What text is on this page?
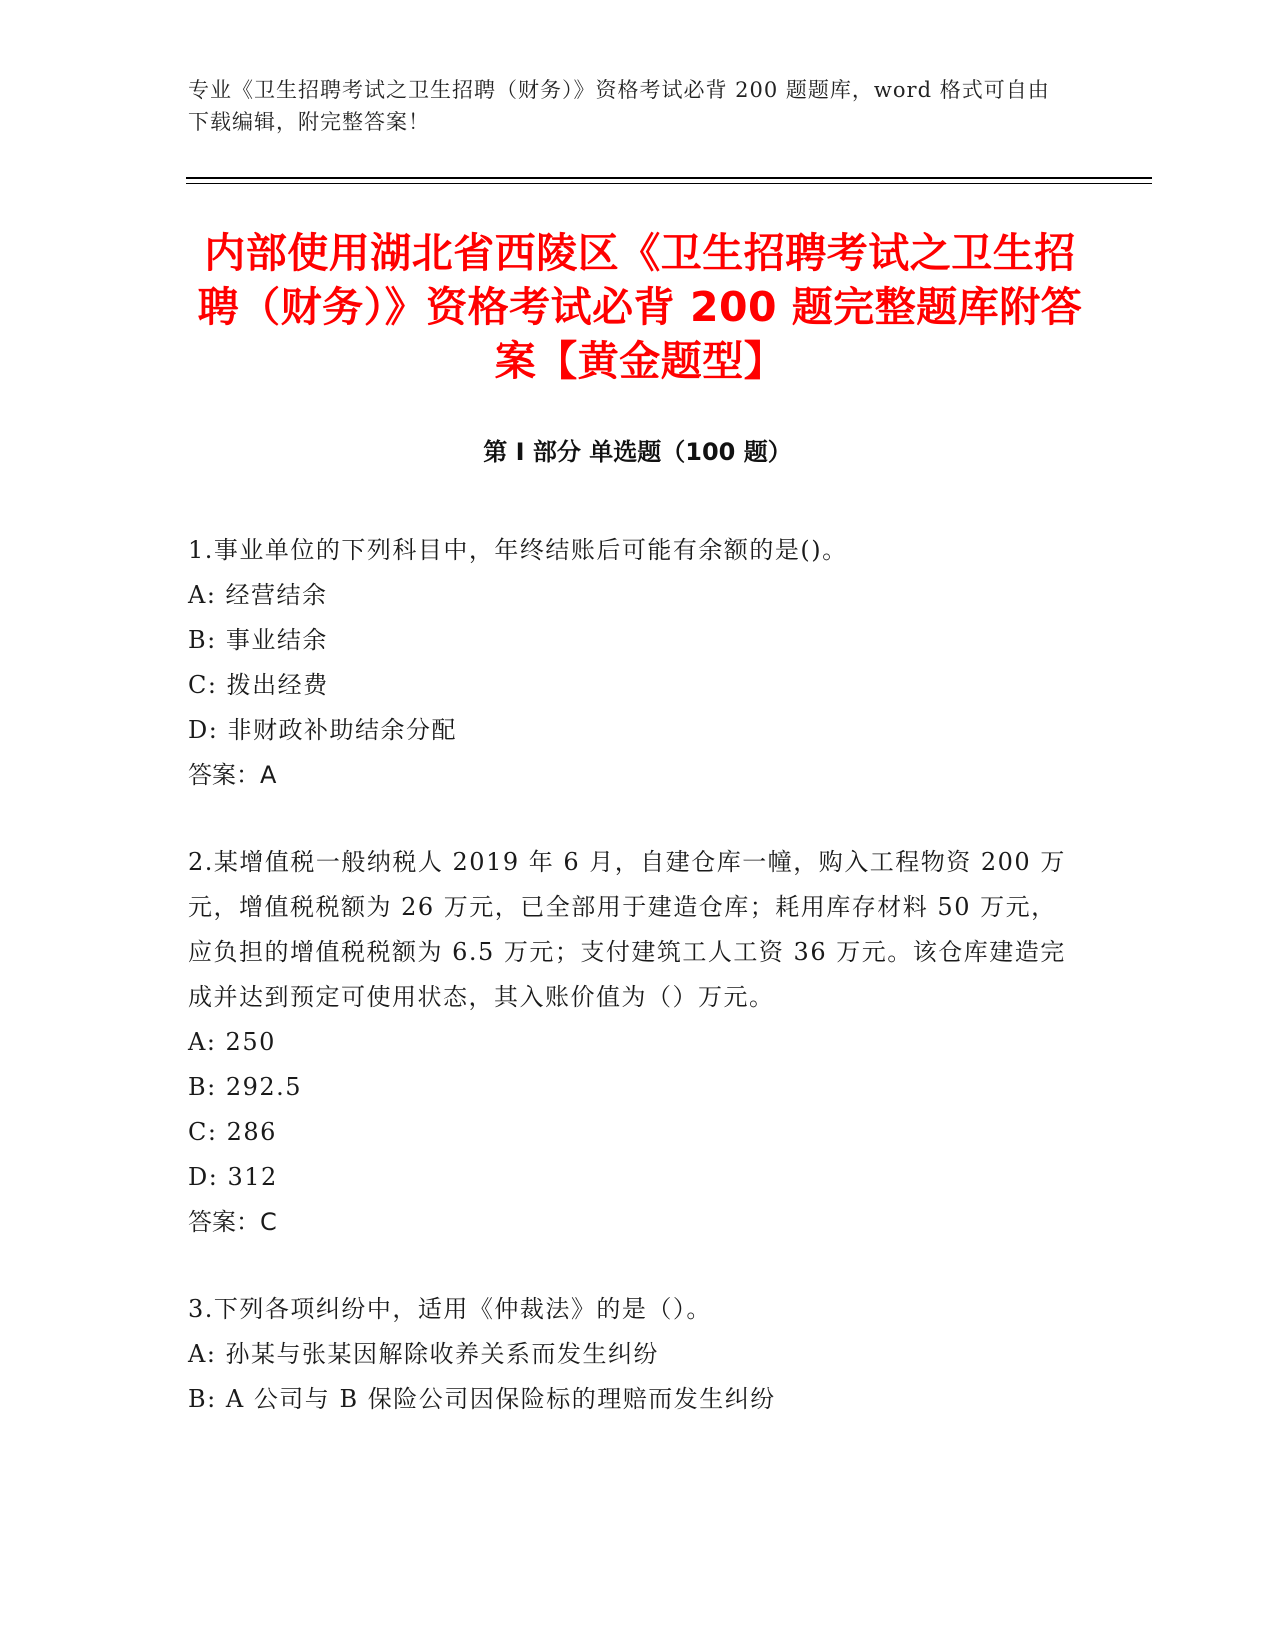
专业《卫生招聘考试之卫生招聘（财务）》资格考试必背 200 题题库，word 格式可自由下载编辑，附完整答案！
内部使用湖北省西陵区《卫生招聘考试之卫生招聘（财务）》资格考试必背 200 题完整题库附答案【黄金题型】
第 I 部分 单选题（100 题）

1.事业单位的下列科目中，年终结账后可能有余额的是()。

A: 经营结余

B: 事业结余

C: 拨出经费

D: 非财政补助结余分配

答案：A

2.某增值税一般纳税人 2019 年 6 月，自建仓库一幢，购入工程物资 200 万元，增值税税额为 26 万元，已全部用于建造仓库；耗用库存材料 50 万元，应负担的增值税税额为 6.5 万元；支付建筑工人工资 36 万元。该仓库建造完成并达到预定可使用状态，其入账价值为（）万元。

A: 250

B: 292.5

C: 286

D: 312

答案：C

3.下列各项纠纷中，适用《仲裁法》的是（）。

A: 孙某与张某因解除收养关系而发生纠纷

B: A 公司与 B 保险公司因保险标的理赔而发生纠纷
